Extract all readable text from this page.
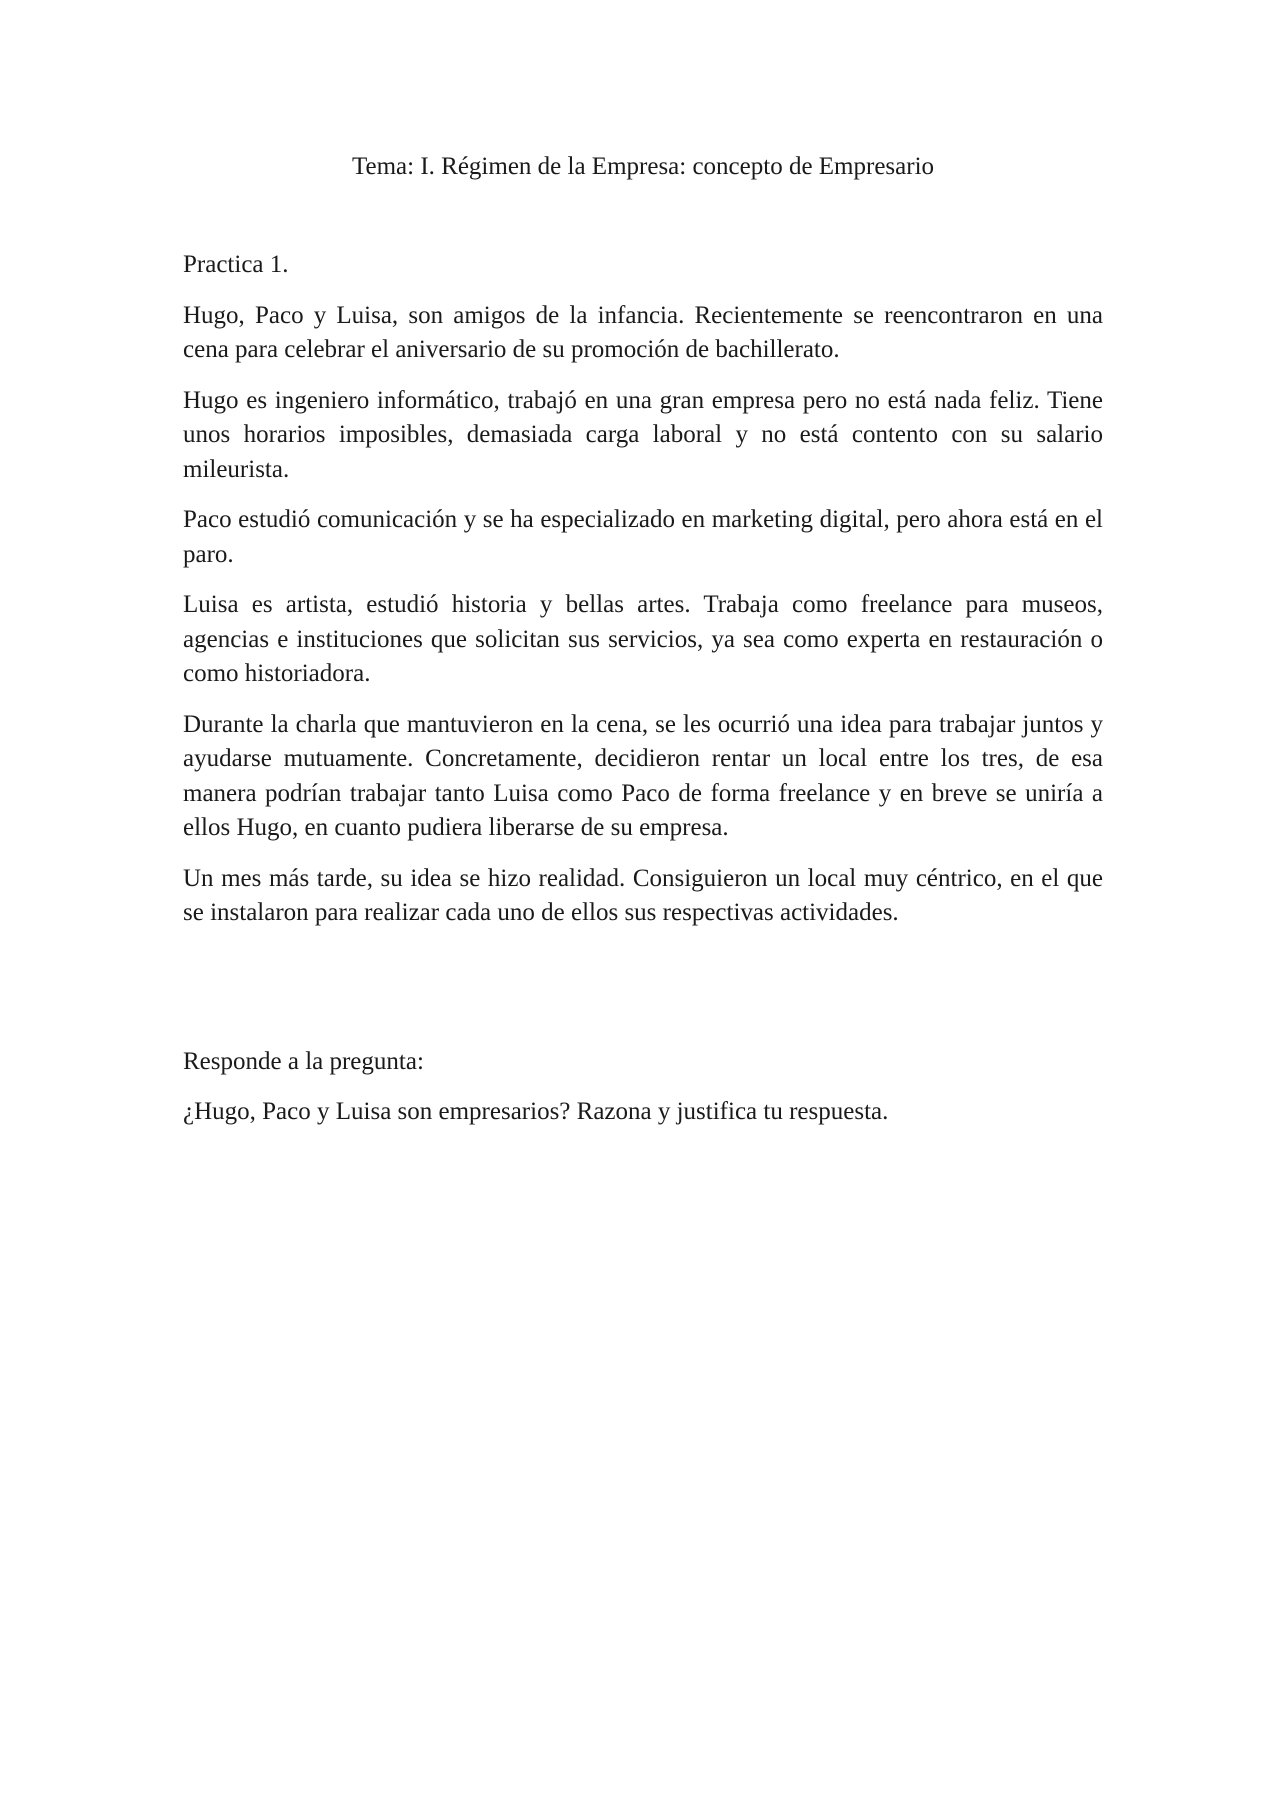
Tema: I. Régimen de la Empresa: concepto de Empresario

Practica 1.

Hugo, Paco y Luisa, son amigos de la infancia. Recientemente se reencontraron en una cena para celebrar el aniversario de su promoción de bachillerato.

Hugo es ingeniero informático, trabajó en una gran empresa pero no está nada feliz. Tiene unos horarios imposibles, demasiada carga laboral y no está contento con su salario mileurista.

Paco estudió comunicación y se ha especializado en marketing digital, pero ahora está en el paro.

Luisa es artista, estudió historia y bellas artes. Trabaja como freelance para museos, agencias e instituciones que solicitan sus servicios, ya sea como experta en restauración o como historiadora.

Durante la charla que mantuvieron en la cena, se les ocurrió una idea para trabajar juntos y ayudarse mutuamente. Concretamente, decidieron rentar un local entre los tres, de esa manera podrían trabajar tanto Luisa como Paco de forma freelance y en breve se uniría a ellos Hugo, en cuanto pudiera liberarse de su empresa.

Un mes más tarde, su idea se hizo realidad. Consiguieron un local muy céntrico, en el que se instalaron para realizar cada uno de ellos sus respectivas actividades.

Responde a la pregunta:

¿Hugo, Paco y Luisa son empresarios? Razona y justifica tu respuesta.
